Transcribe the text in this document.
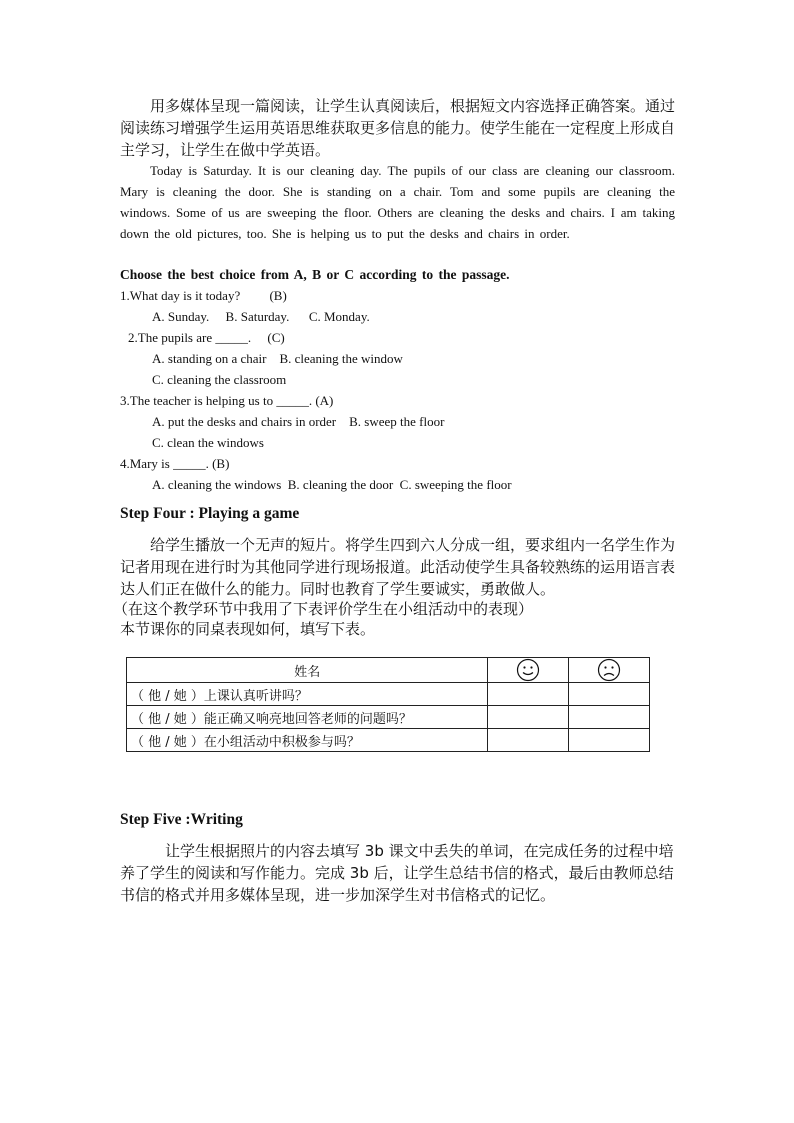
用多媒体呈现一篇阅读，让学生认真阅读后，根据短文内容选择正确答案。通过阅读练习增强学生运用英语思维获取更多信息的能力。使学生能在一定程度上形成自主学习，让学生在做中学英语。
Today is Saturday. It is our cleaning day. The pupils of our class are cleaning our classroom. Mary is cleaning the door. She is standing on a chair. Tom and some pupils are cleaning the windows. Some of us are sweeping the floor. Others are cleaning the desks and chairs. I am taking down the old pictures, too. She is helping us to put the desks and chairs in order.
Choose the best choice from A, B or C according to the passage.
1.What day is it today?         (B)
A. Sunday.     B. Saturday.      C. Monday.
2.The pupils are _____.     (C)
A. standing on a chair    B. cleaning the window
C. cleaning the classroom
3.The teacher is helping us to _____. (A)
A. put the desks and chairs in order    B. sweep the floor
C. clean the windows
4.Mary is _____. (B)
A. cleaning the windows  B. cleaning the door  C. sweeping the floor
Step Four : Playing a game
给学生播放一个无声的短片。将学生四到六人分成一组，要求组内一名学生作为记者用现在进行时为其他同学进行现场报道。此活动使学生具备较熟练的运用语言表达人们正在做什么的能力。同时也教育了学生要诚实，勇敢做人。
（在这个教学环节中我用了下表评价学生在小组活动中的表现）
本节课你的同桌表现如何，填写下表。
姓名		
（ 他 / 她 ）上课认真听讲吗？		
（ 他 / 她 ）能正确又响亮地回答老师的问题吗？		
（ 他 / 她 ）在小组活动中积极参与吗？		
Step Five :Writing
让学生根据照片的内容去填写 3b 课文中丢失的单词，在完成任务的过程中培养了学生的阅读和写作能力。完成 3b 后，让学生总结书信的格式，最后由教师总结书信的格式并用多媒体呈现，进一步加深学生对书信格式的记忆。
